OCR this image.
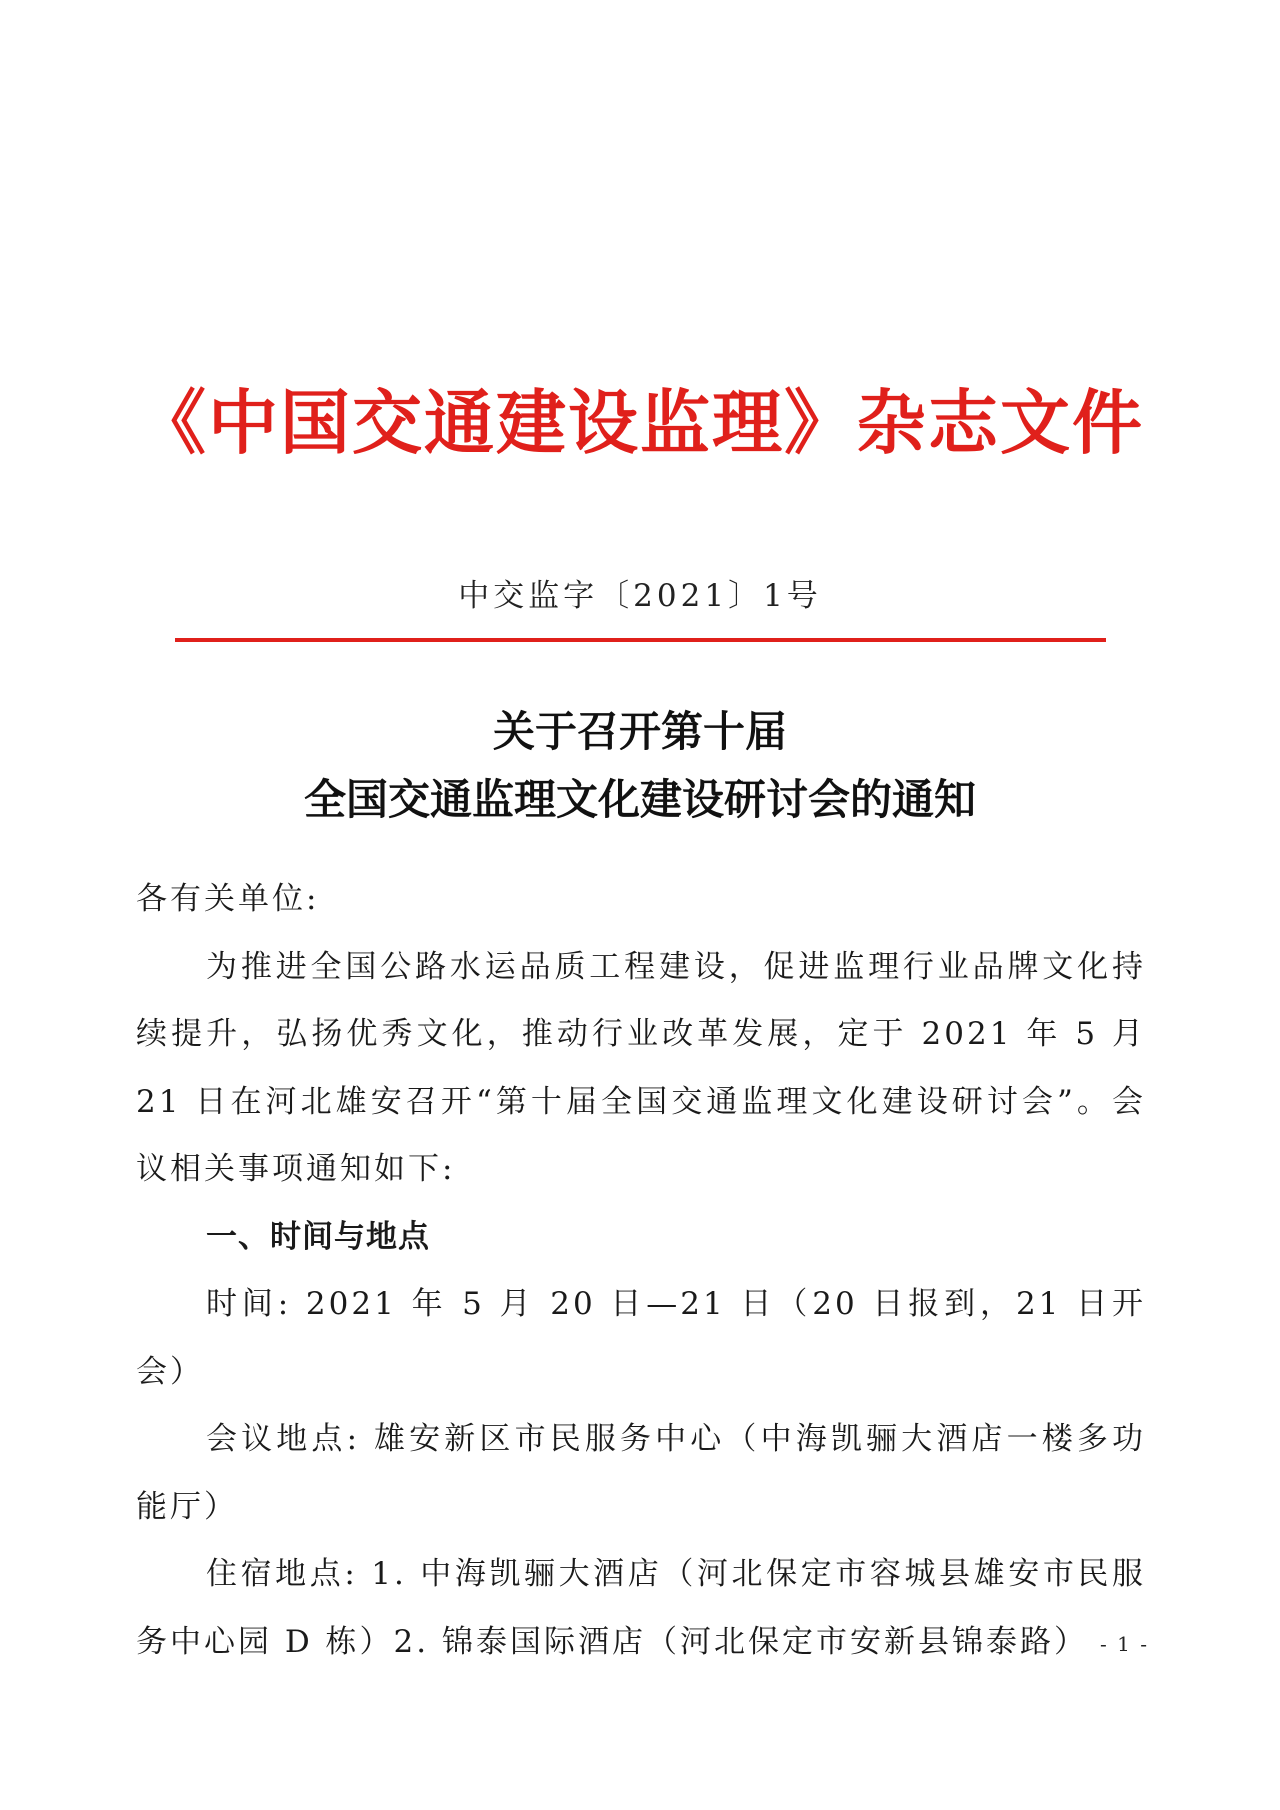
《中国交通建设监理》杂志文件
中交监字〔2021〕1号
关于召开第十届
全国交通监理文化建设研讨会的通知

各有关单位:

为推进全国公路水运品质工程建设，促进监理行业品牌文化持续提升，弘扬优秀文化，推动行业改革发展，定于 2021 年 5 月 21 日在河北雄安召开“第十届全国交通监理文化建设研讨会”。会议相关事项通知如下:

一、时间与地点

时间: 2021 年 5 月 20 日—21 日（20 日报到，21 日开会）

会议地点: 雄安新区市民服务中心（中海凯骊大酒店一楼多功能厅）

住宿地点: 1. 中海凯骊大酒店（河北保定市容城县雄安市民服务中心园 D 栋）2. 锦泰国际酒店（河北保定市安新县锦泰路） - 1 -
